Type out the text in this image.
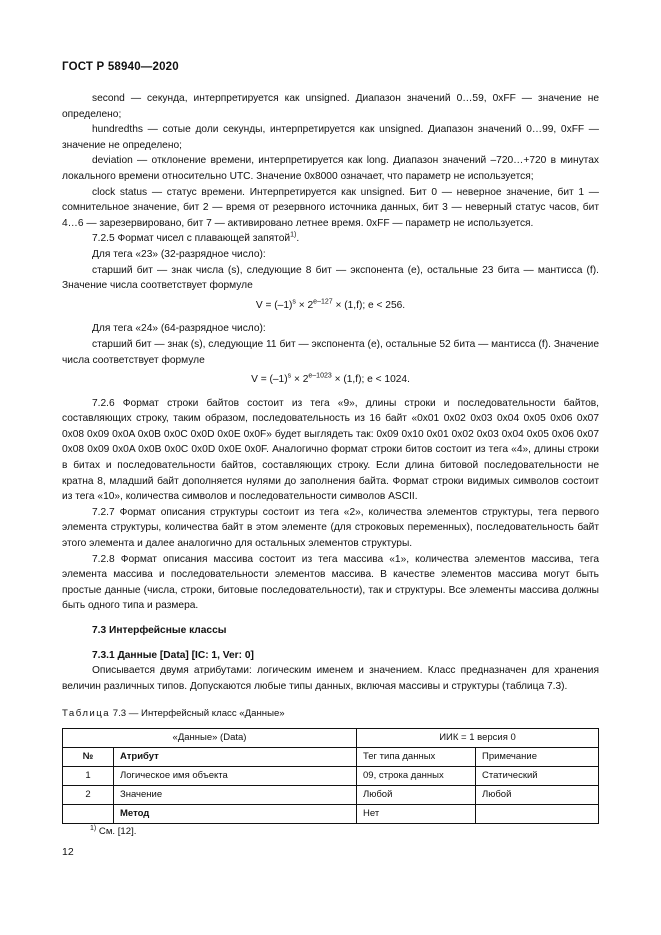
ГОСТ Р 58940—2020

second — секунда, интерпретируется как unsigned. Диапазон значений 0…59, 0xFF — значение не определено;

hundredths — сотые доли секунды, интерпретируется как unsigned. Диапазон значений 0…99, 0xFF — значение не определено;

deviation — отклонение времени, интерпретируется как long. Диапазон значений –720…+720 в минутах локального времени относительно UTC. Значение 0x8000 означает, что параметр не используется;

clock status — статус времени. Интерпретируется как unsigned. Бит 0 — неверное значение, бит 1 — сомнительное значение, бит 2 — время от резервного источника данных, бит 3 — неверный статус часов, бит 4…6 — зарезервировано, бит 7 — активировано летнее время. 0xFF — параметр не используется.

7.2.5 Формат чисел с плавающей запятой$^{1)}$.

Для тега «23» (32-разрядное число):

старший бит — знак числа (s), следующие 8 бит — экспонента (e), остальные 23 бита — мантисса (f). Значение числа соответствует формуле

$V = (-1)^s \times 2^{e-127} \times (1,f)$; e < 256.

Для тега «24» (64-разрядное число):

старший бит — знак (s), следующие 11 бит — экспонента (e), остальные 52 бита — мантисса (f). Значение числа соответствует формуле

$V = (-1)^s \times 2^{e-1023} \times (1,f)$; e < 1024.

7.2.6 Формат строки байтов состоит из тега «9», длины строки и последовательности байтов, составляющих строку, таким образом, последовательность из 16 байт «0x01 0x02 0x03 0x04 0x05 0x06 0x07 0x08 0x09 0x0A 0x0B 0x0C 0x0D 0x0E 0x0F» будет выглядеть так: 0x09 0x10 0x01 0x02 0x03 0x04 0x05 0x06 0x07 0x08 0x09 0x0A 0x0B 0x0C 0x0D 0x0E 0x0F. Аналогично формат строки битов состоит из тега «4», длины строки в битах и последовательности байтов, составляющих строку. Если длина битовой последовательности не кратна 8, младший байт дополняется нулями до заполнения байта. Формат строки видимых символов состоит из тега «10», количества символов и последовательности символов ASCII.

7.2.7 Формат описания структуры состоит из тега «2», количества элементов структуры, тега первого элемента структуры, количества байт в этом элементе (для строковых переменных), последовательность байт этого элемента и далее аналогично для остальных элементов структуры.

7.2.8 Формат описания массива состоит из тега массива «1», количества элементов массива, тега элемента массива и последовательности элементов массива. В качестве элементов массива могут быть простые данные (числа, строки, битовые последовательности), так и структуры. Все элементы массива должны быть одного типа и размера.

7.3 Интерфейсные классы

7.3.1 Данные [Data] [IC: 1, Ver: 0]

Описывается двумя атрибутами: логическим именем и значением. Класс предназначен для хранения величин различных типов. Допускаются любые типы данных, включая массивы и структуры (таблица 7.3).

Таблица 7.3 — Интерфейсный класс «Данные»

«Данные» (Data)		ИИК = 1 версия 0	
№	Атрибут	Тег типа данных	Примечание
1	Логическое имя объекта	09, строка данных	Статический
2	Значение	Любой	Любой
	Метод	Нет	
$^{1)}$ См. [12].
12
